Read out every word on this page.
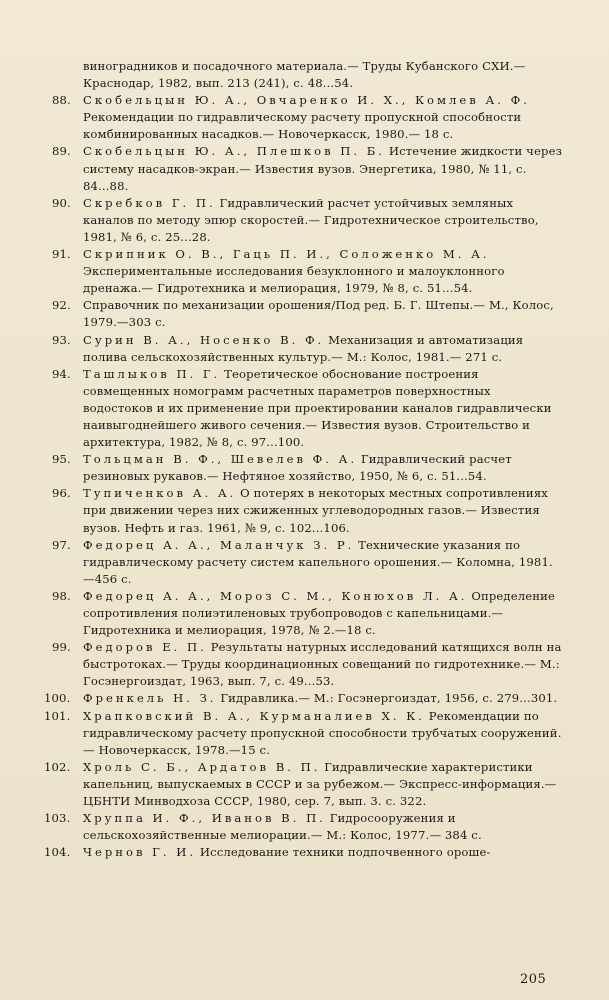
виноградников и посадочного материала.— Труды Кубанского СХИ.— Краснодар, 1982, вып. 213 (241), с. 48...54.
88. Скобельцын Ю. А., Овчаренко И. Х., Комлев А. Ф. Рекомендации по гидравлическому расчету пропускной способности комбинированных насадков.— Новочеркасск, 1980.— 18 с.
89. Скобельцын Ю. А., Плешков П. Б. Истечение жидкости через систему насадков-экран.— Известия вузов. Энергетика, 1980, № 11, с. 84...88.
90. Скребков Г. П. Гидравлический расчет устойчивых земляных каналов по методу эпюр скоростей.— Гидротехническое строительство, 1981, № 6, с. 25...28.
91. Скрипник О. В., Гаць П. И., Соложенко М. А. Экспериментальные исследования безуклонного и малоуклонного дренажа.— Гидротехника и мелиорация, 1979, № 8, с. 51...54.
92. Справочник по механизации орошения/Под ред. Б. Г. Штепы.— М., Колос, 1979.—303 с.
93. Сурин В. А., Носенко В. Ф. Механизация и автоматизация полива сельскохозяйственных культур.— М.: Колос, 1981.— 271 с.
94. Ташлыков П. Г. Теоретическое обоснование построения совмещенных номограмм расчетных параметров поверхностных водостоков и их применение при проектировании каналов гидравлически наивыгоднейшего живого сечения.— Известия вузов. Строительство и архитектура, 1982, № 8, с. 97...100.
95. Тольцман В. Ф., Шевелев Ф. А. Гидравлический расчет резиновых рукавов.— Нефтяное хозяйство, 1950, № 6, с. 51...54.
96. Тупиченков А. А. О потерях в некоторых местных сопротивлениях при движении через них сжиженных углеводородных газов.— Известия вузов. Нефть и газ. 1961, № 9, с. 102...106.
97. Федорец А. А., Маланчук З. Р. Технические указания по гидравлическому расчету систем капельного орошения.— Коломна, 1981.—456 с.
98. Федорец А. А., Мороз С. М., Конюхов Л. А. Определение сопротивления полиэтиленовых трубопроводов с капельницами.— Гидротехника и мелиорация, 1978, № 2.—18 с.
99. Федоров Е. П. Результаты натурных исследований катящихся волн на быстротоках.— Труды координационных совещаний по гидротехнике.— М.: Госэнергоиздат, 1963, вып. 7, с. 49...53.
100. Френкель Н. З. Гидравлика.— М.: Госэнергоиздат, 1956, с. 279...301.
101. Храпковский В. А., Курманалиев Х. К. Рекомендации по гидравлическому расчету пропускной способности трубчатых сооружений.— Новочеркасск, 1978.—15 с.
102. Хроль С. Б., Ардатов В. П. Гидравлические характеристики капельниц, выпускаемых в СССР и за рубежом.— Экспресс-информация.— ЦБНТИ Минводхоза СССР, 1980, сер. 7, вып. 3. с. 322.
103. Хруппа И. Ф., Иванов В. П. Гидросооружения и сельскохозяйственные мелиорации.— М.: Колос, 1977.— 384 с.
104. Чернов Г. И. Исследование техники подпочвенного ороше-
205
